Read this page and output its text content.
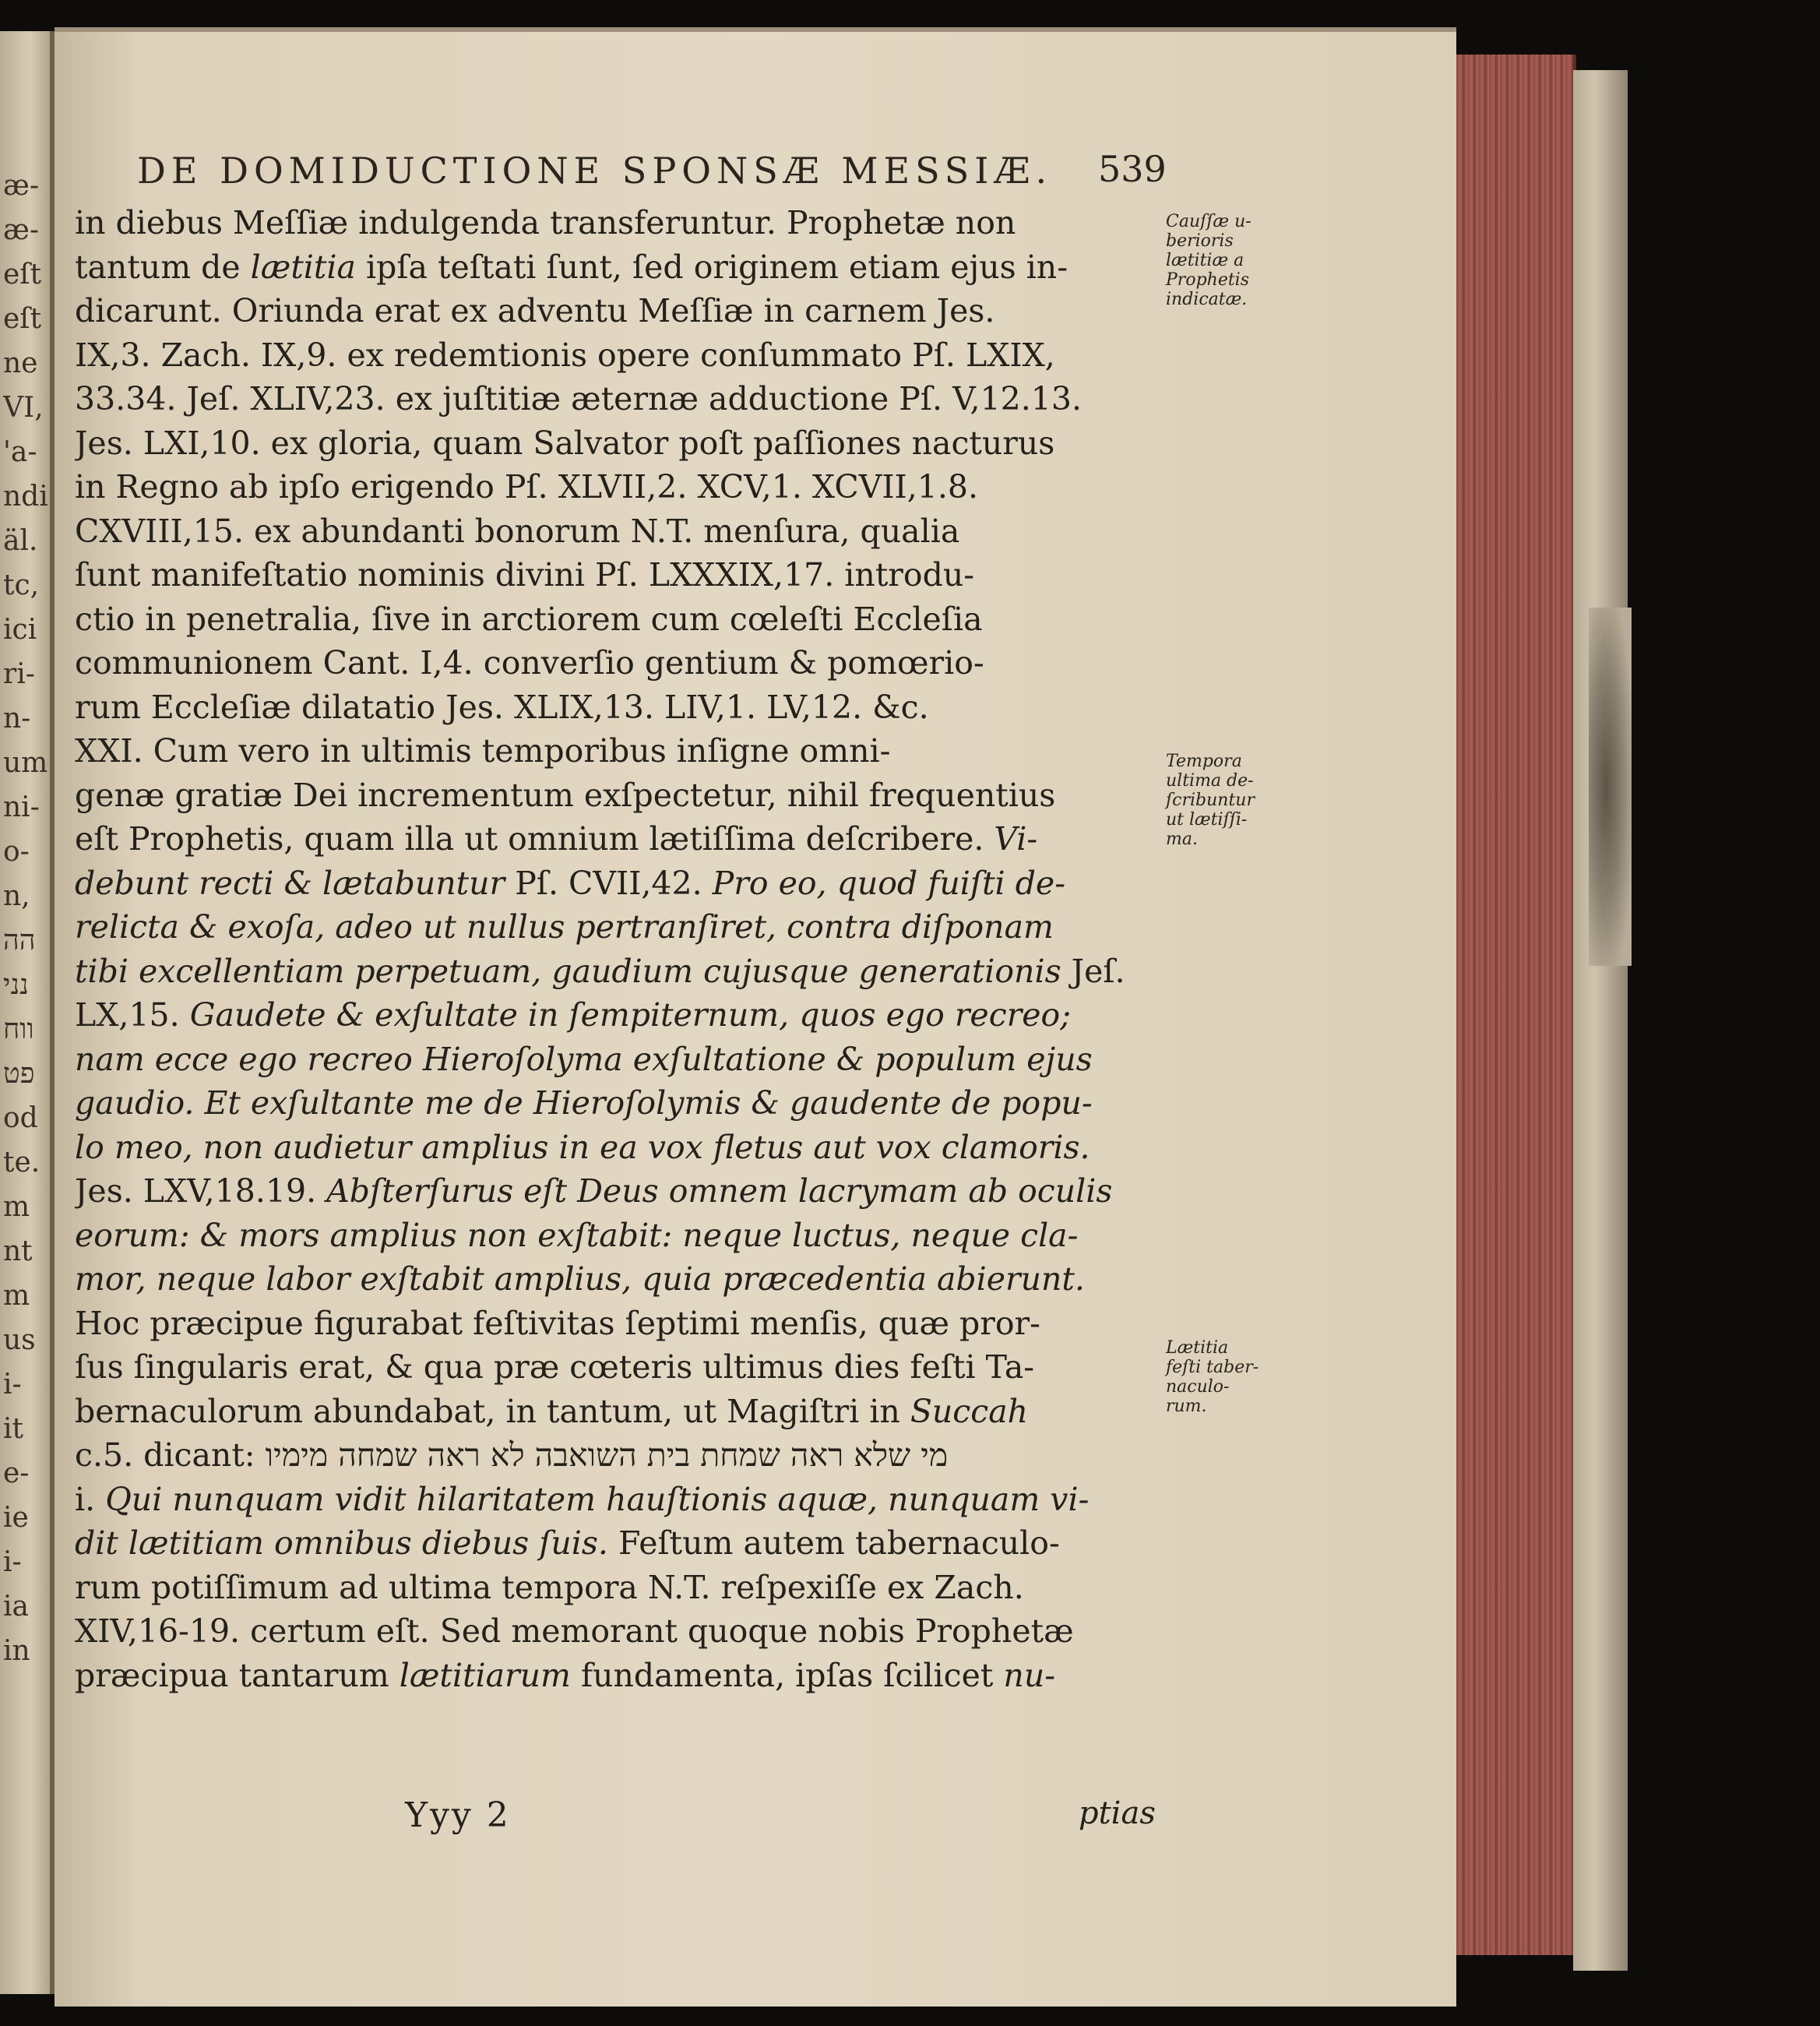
æ-
æ-
eſt
eſt
ne
VI,
'a-
ndi
äl.
tc,
ici
ri-
n-
um
ni-
o-
n,
הה
נני
ווח
פט
od
te.
m
nt
m
us
i-
it
e-
ie
i-
ia
in
DE DOMIDUCTIONE SPONSÆ MESSIÆ.	539
in diebus Meſſiæ indulgenda transferuntur. Prophetæ non
tantum de lætitia ipſa teſtati ſunt, ſed originem etiam ejus in-
dicarunt. Oriunda erat ex adventu Meſſiæ in carnem Jes.
IX,3. Zach. IX,9. ex redemtionis opere conſummato Pſ. LXIX,
33.34. Jeſ. XLIV,23. ex juſtitiæ æternæ adductione Pſ. V,12.13.
Jes. LXI,10. ex gloria, quam Salvator poſt paſſiones nacturus
in Regno ab ipſo erigendo Pſ. XLVII,2. XCV,1. XCVII,1.8.
CXVIII,15. ex abundanti bonorum N.T. menſura, qualia
ſunt manifeſtatio nominis divini Pſ. LXXXIX,17. introdu-
ctio in penetralia, ſive in arctiorem cum cœleſti Eccleſia
communionem Cant. I,4. converſio gentium & pomœrio-
rum Eccleſiæ dilatatio Jes. XLIX,13. LIV,1. LV,12. &c.
XXI. Cum vero in ultimis temporibus inſigne omni-
genæ gratiæ Dei incrementum exſpectetur, nihil frequentius
eſt Prophetis, quam illa ut omnium lætiſſima deſcribere. Vi-
debunt recti & lætabuntur Pſ. CVII,42. Pro eo, quod fuiſti de-
relicta & exoſa, adeo ut nullus pertranſiret, contra diſponam
tibi excellentiam perpetuam, gaudium cujusque generationis Jeſ.
LX,15. Gaudete & exſultate in ſempiternum, quos ego recreo;
nam ecce ego recreo Hieroſolyma exſultatione & populum ejus
gaudio. Et exſultante me de Hieroſolymis & gaudente de popu-
lo meo, non audietur amplius in ea vox fletus aut vox clamoris.
Jes. LXV,18.19. Abſterſurus eſt Deus omnem lacrymam ab oculis
eorum: & mors amplius non exſtabit: neque luctus, neque cla-
mor, neque labor exſtabit amplius, quia præcedentia abierunt.
Hoc præcipue figurabat feſtivitas ſeptimi menſis, quæ pror-
ſus ſingularis erat, & qua præ cœteris ultimus dies feſti Ta-
bernaculorum abundabat, in tantum, ut Magiſtri in Succah
c.5. dicant: מי שלא ראה שמחת בית השואבה לא ראה שמחה מימיו
i. Qui nunquam vidit hilaritatem hauſtionis aquæ, nunquam vi-
dit lætitiam omnibus diebus ſuis. Feſtum autem tabernaculo-
rum potiſſimum ad ultima tempora N.T. reſpexiſſe ex Zach.
XIV,16-19. certum eſt. Sed memorant quoque nobis Prophetæ
præcipua tantarum lætitiarum fundamenta, ipſas ſcilicet nu-
Cauſſæ u-
berioris
lætitiæ a
Prophetis
indicatæ.
Tempora
ultima de-
ſcribuntur
ut lætiſſi-
ma.
Lætitia
feſti taber-
naculo-
rum.
Yyy 2	ptias
